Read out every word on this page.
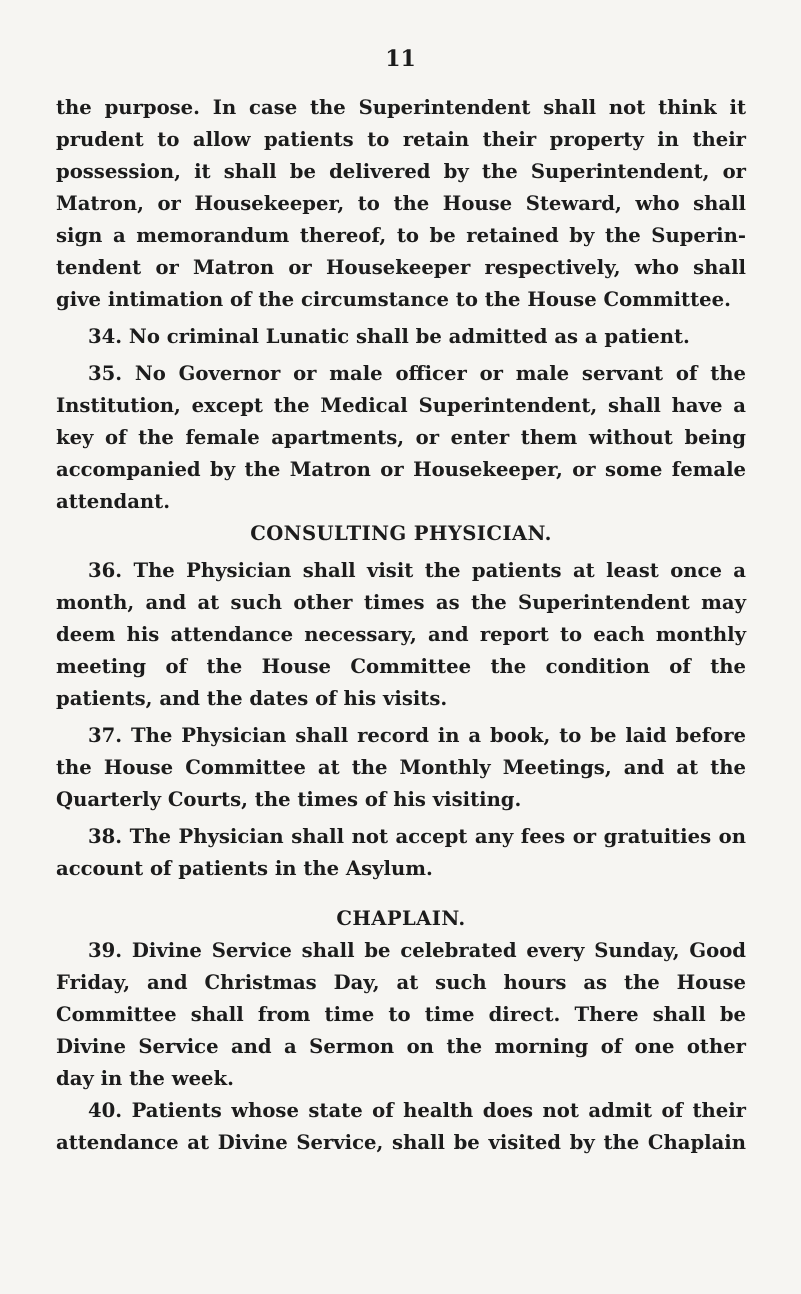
11
the purpose. In case the Superintendent shall not think it
prudent to allow patients to retain their property in their
possession, it shall be delivered by the Superintendent, or
Matron, or Housekeeper, to the House Steward, who shall
sign a memorandum thereof, to be retained by the Superin-
tendent or Matron or Housekeeper respectively, who shall
give intimation of the circumstance to the House Committee.
34. No criminal Lunatic shall be admitted as a patient.
35. No Governor or male officer or male servant of the
Institution, except the Medical Superintendent, shall have a
key of the female apartments, or enter them without being
accompanied by the Matron or Housekeeper, or some female
attendant.
CONSULTING PHYSICIAN.
36. The Physician shall visit the patients at least once a
month, and at such other times as the Superintendent may
deem his attendance necessary, and report to each monthly
meeting of the House Committee the condition of the
patients, and the dates of his visits.
37. The Physician shall record in a book, to be laid before
the House Committee at the Monthly Meetings, and at the
Quarterly Courts, the times of his visiting.
38. The Physician shall not accept any fees or gratuities on
account of patients in the Asylum.
CHAPLAIN.
39. Divine Service shall be celebrated every Sunday, Good
Friday, and Christmas Day, at such hours as the House
Committee shall from time to time direct. There shall be
Divine Service and a Sermon on the morning of one other
day in the week.
40. Patients whose state of health does not admit of their
attendance at Divine Service, shall be visited by the Chaplain
